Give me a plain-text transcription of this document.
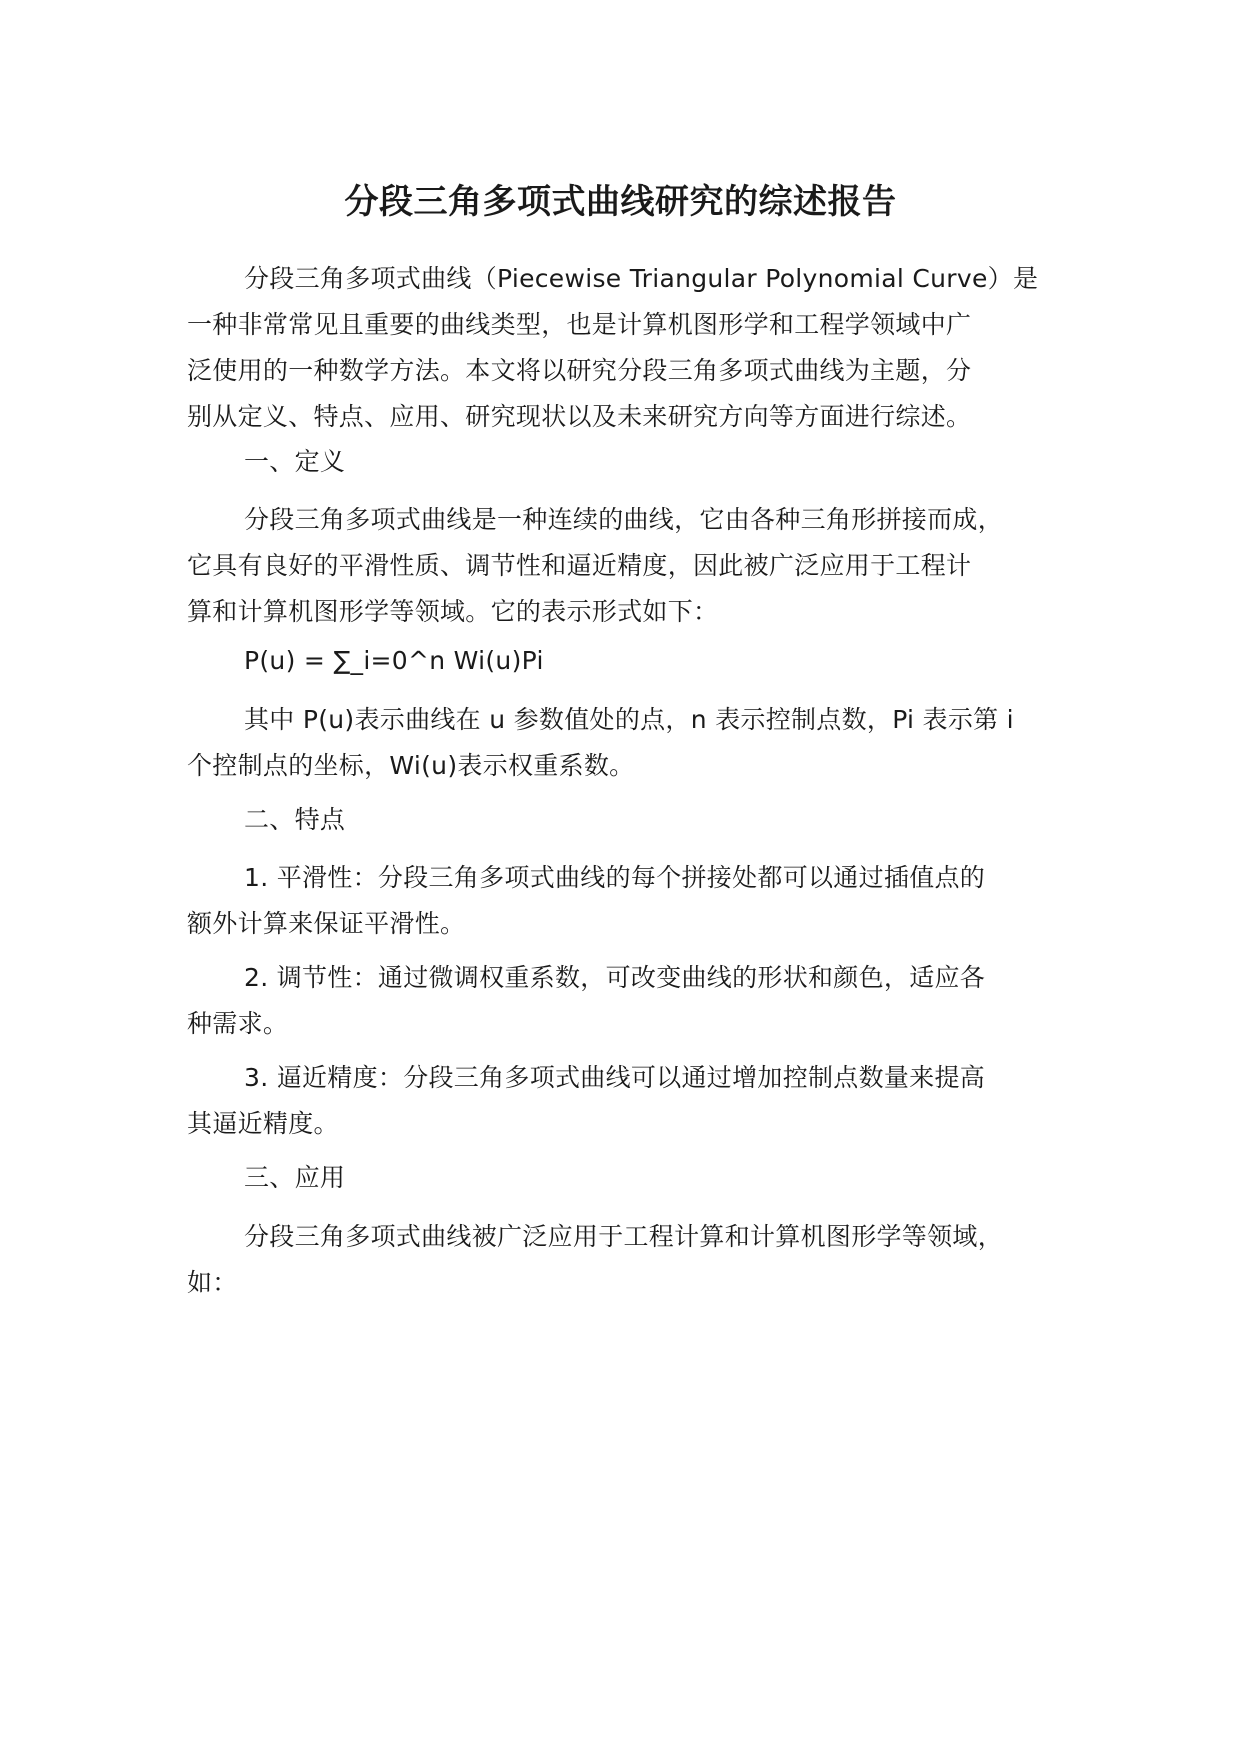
分段三角多项式曲线研究的综述报告

分段三角多项式曲线（Piecewise Triangular Polynomial Curve）是
一种非常常见且重要的曲线类型，也是计算机图形学和工程学领域中广
泛使用的一种数学方法。本文将以研究分段三角多项式曲线为主题，分
别从定义、特点、应用、研究现状以及未来研究方向等方面进行综述。

一、定义

分段三角多项式曲线是一种连续的曲线，它由各种三角形拼接而成，
它具有良好的平滑性质、调节性和逼近精度，因此被广泛应用于工程计
算和计算机图形学等领域。它的表示形式如下：

P(u) = ∑_i=0^n Wi(u)Pi

其中 P(u)表示曲线在 u 参数值处的点，n 表示控制点数，Pi 表示第 i
个控制点的坐标，Wi(u)表示权重系数。

二、特点

1. 平滑性：分段三角多项式曲线的每个拼接处都可以通过插值点的
额外计算来保证平滑性。

2. 调节性：通过微调权重系数，可改变曲线的形状和颜色，适应各
种需求。

3. 逼近精度：分段三角多项式曲线可以通过增加控制点数量来提高
其逼近精度。

三、应用

分段三角多项式曲线被广泛应用于工程计算和计算机图形学等领域，
如：
